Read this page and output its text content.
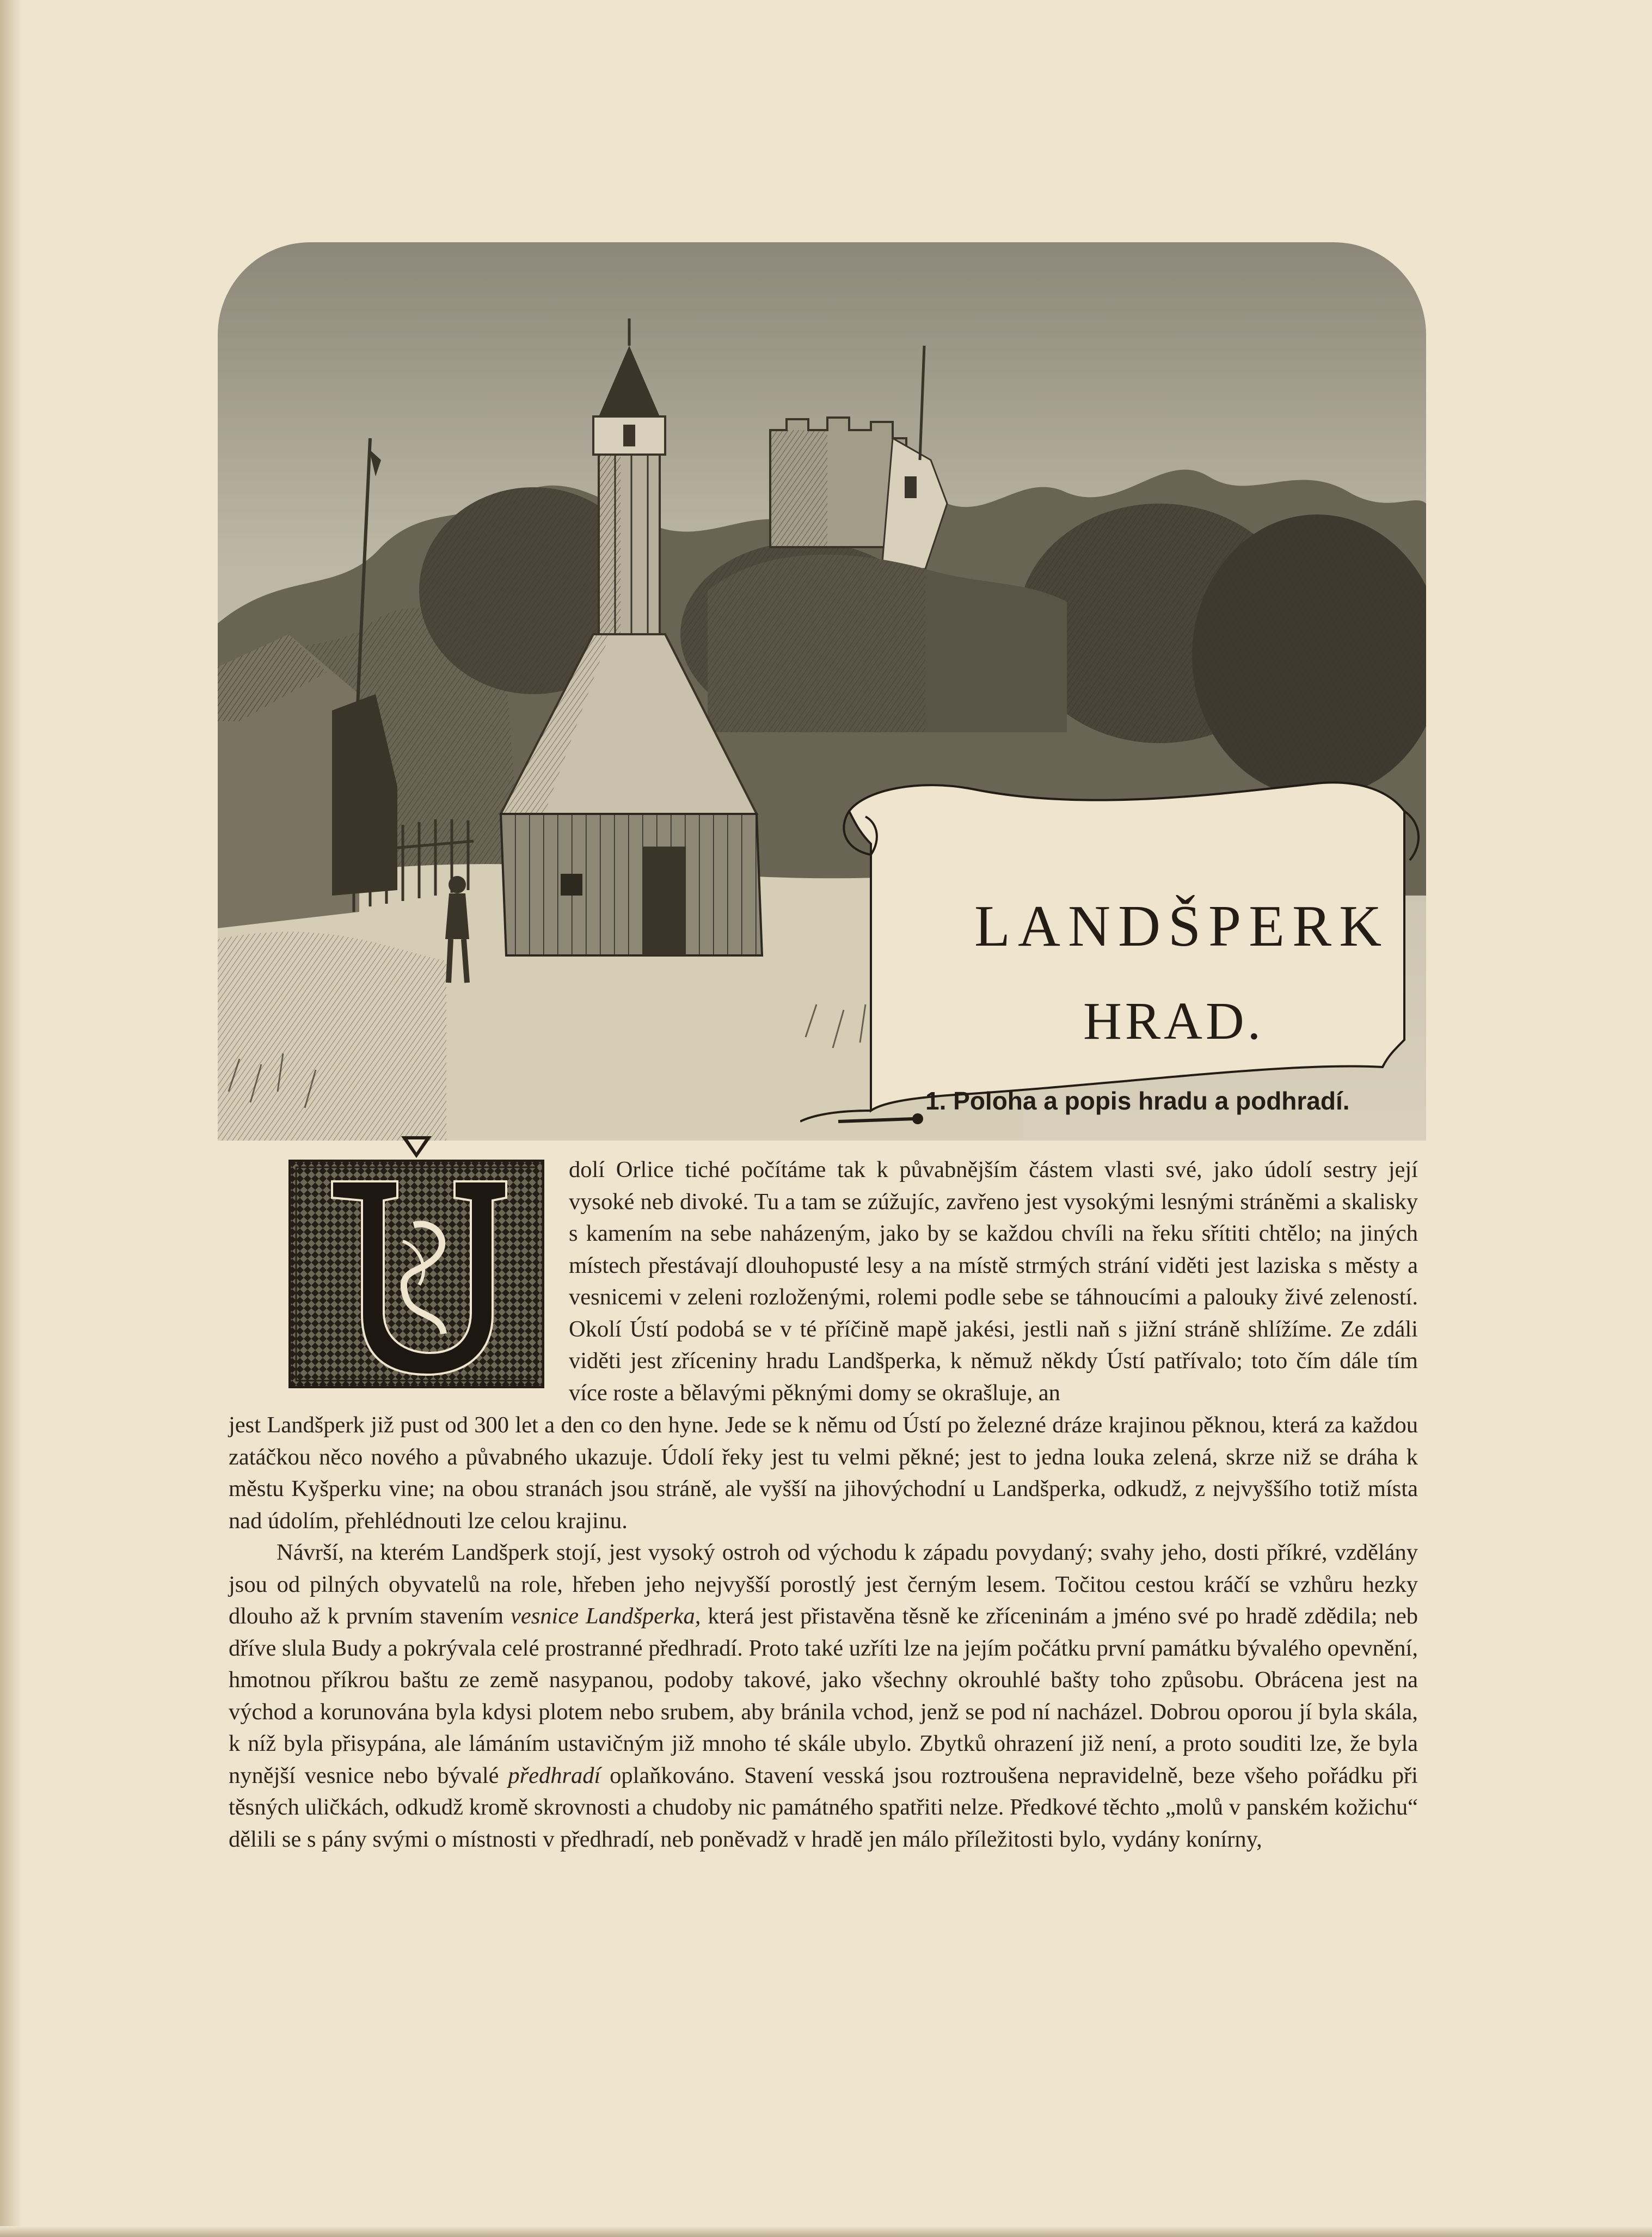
LANDŠPERK
HRAD.
1. Poloha a popis hradu a podhradí.
U

dolí Orlice tiché počítáme tak k půvabnějším částem vlasti své, jako údolí sestry její vysoké neb divoké. Tu a tam se zúžujíc, zavřeno jest vysokými lesnými stráněmi a skalisky s kamením na sebe naházeným, jako by se každou chvíli na řeku sřítiti chtělo; na jiných místech přestávají dlouhopusté lesy a na místě strmých strání viděti jest laziska s městy a vesnicemi v zeleni rozloženými, rolemi podle sebe se táhnoucími a palouky živé zeleností. Okolí Ústí podobá se v té příčině mapě jakési, jestli naň s jižní stráně shlížíme. Ze zdáli viděti jest zříceniny hradu Landšperka, k němuž někdy Ústí patřívalo; toto čím dále tím více roste a bělavými pěknými domy se okrašluje, an

jest Landšperk již pust od 300 let a den co den hyne. Jede se k němu od Ústí po železné dráze krajinou pěknou, která za každou zatáčkou něco nového a půvabného ukazuje. Údolí řeky jest tu velmi pěkné; jest to jedna louka zelená, skrze niž se dráha k městu Kyšperku vine; na obou stranách jsou stráně, ale vyšší na jihovýchodní u Landšperka, odkudž, z nejvyššího totiž místa nad údolím, přehlédnouti lze celou krajinu.

Návrší, na kterém Landšperk stojí, jest vysoký ostroh od východu k západu povydaný; svahy jeho, dosti příkré, vzdělány jsou od pilných obyvatelů na role, hřeben jeho nejvyšší porostlý jest černým lesem. Točitou cestou kráčí se vzhůru hezky dlouho až k prvním stavením vesnice Landšperka, která jest přistavěna těsně ke zříceninám a jméno své po hradě zdědila; neb dříve slula Budy a pokrývala celé prostranné předhradí. Proto také uzříti lze na jejím počátku první památku bývalého opevnění, hmotnou příkrou baštu ze země nasypanou, podoby takové, jako všechny okrouhlé bašty toho způsobu. Obrácena jest na východ a korunována byla kdysi plotem nebo srubem, aby bránila vchod, jenž se pod ní nacházel. Dobrou oporou jí byla skála, k níž byla přisypána, ale lámáním ustavičným již mnoho té skále ubylo. Zbytků ohrazení již není, a proto souditi lze, že byla nynější vesnice nebo bývalé předhradí oplaňkováno. Stavení vesská jsou roztroušena nepravidelně, beze všeho pořádku při těsných uličkách, odkudž kromě skrovnosti a chudoby nic památného spatřiti nelze. Předkové těchto „molů v panském kožichu“ dělili se s pány svými o místnosti v předhradí, neb poněvadž v hradě jen málo příležitosti bylo, vydány konírny,
